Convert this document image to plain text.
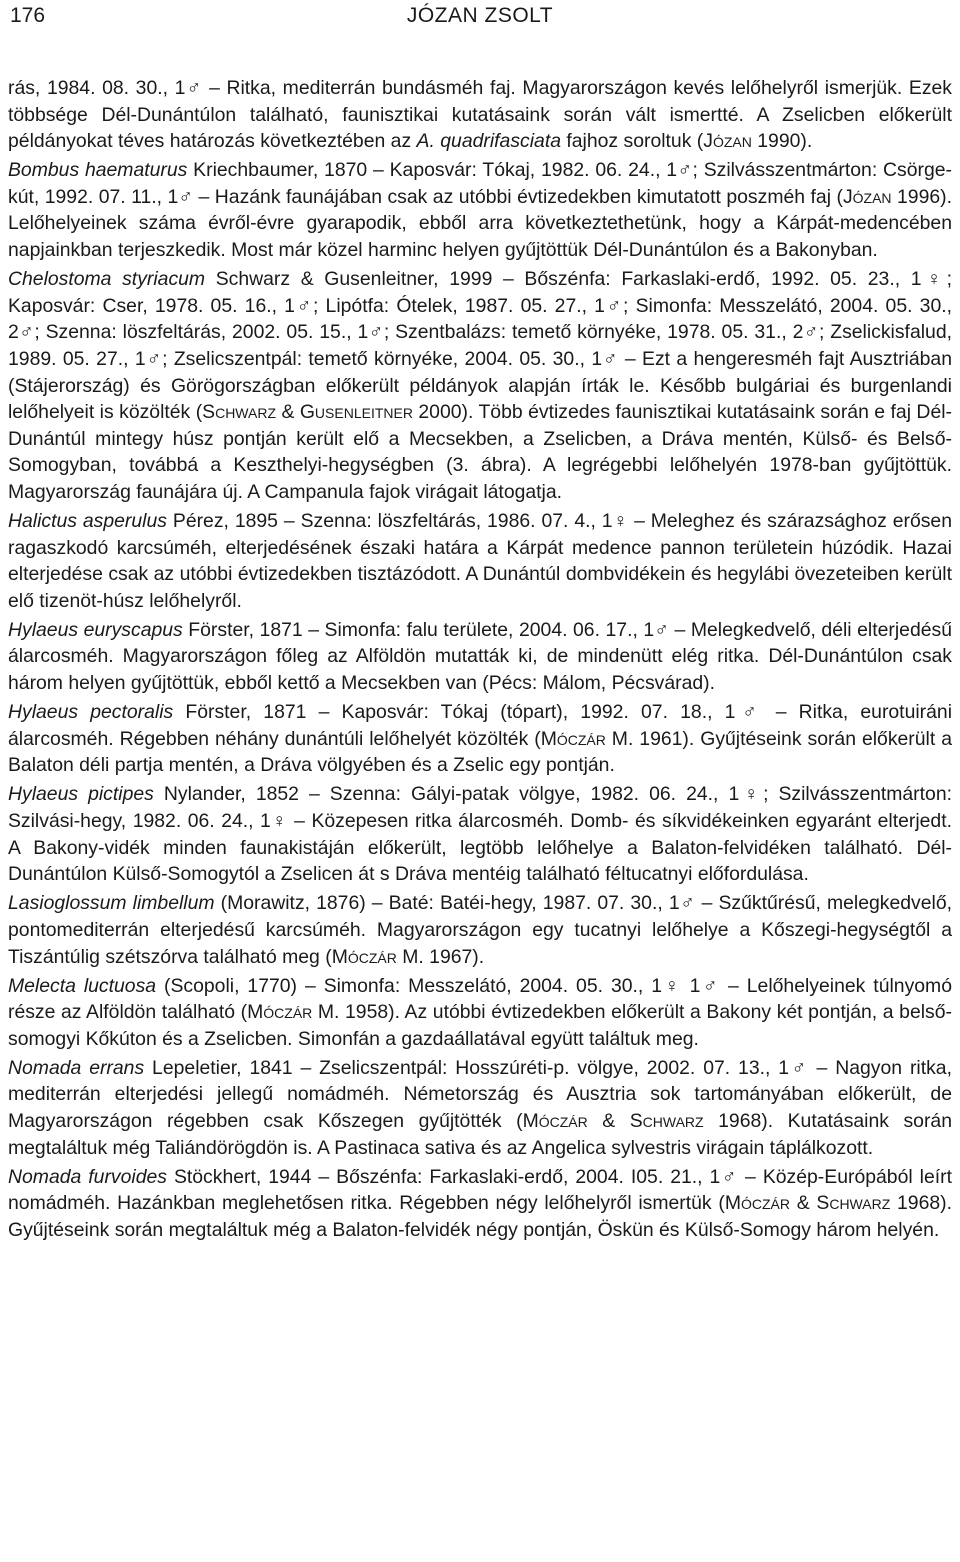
176	JÓZAN ZSOLT

rás, 1984. 08. 30., 1♂ – Ritka, mediterrán bundásméh faj. Magyarországon kevés lelőhelyről ismerjük. Ezek többsége Dél-Dunántúlon található, faunisztikai kutatásaink során vált ismertté. A Zselicben előkerült példányokat téves határozás következtében az A. quadrifasciata fajhoz soroltuk (Józan 1990).

Bombus haematurus Kriechbaumer, 1870 – Kaposvár: Tókaj, 1982. 06. 24., 1♂; Szilvásszentmárton: Csörge-kút, 1992. 07. 11., 1♂ – Hazánk faunájában csak az utóbbi évtizedekben kimutatott poszméh faj (Józan 1996). Lelőhelyeinek száma évről-évre gyarapodik, ebből arra következtethetünk, hogy a Kárpát-medencében napjainkban terjeszkedik. Most már közel harminc helyen gyűjtöttük Dél-Dunántúlon és a Bakonyban.

Chelostoma styriacum Schwarz & Gusenleitner, 1999 – Bőszénfa: Farkaslaki-erdő, 1992. 05. 23., 1♀; Kaposvár: Cser, 1978. 05. 16., 1♂; Lipótfa: Ótelek, 1987. 05. 27., 1♂; Simonfa: Messzelátó, 2004. 05. 30., 2♂; Szenna: löszfeltárás, 2002. 05. 15., 1♂; Szentbalázs: temető környéke, 1978. 05. 31., 2♂; Zselickisfalud, 1989. 05. 27., 1♂; Zselicszentpál: temető környéke, 2004. 05. 30., 1♂ – Ezt a hengeresméh fajt Ausztriában (Stájerország) és Görögországban előkerült példányok alapján írták le. Később bulgáriai és burgenlandi lelőhelyeit is közölték (Schwarz & Gusenleitner 2000). Több évtizedes faunisztikai kutatásaink során e faj Dél-Dunántúl mintegy húsz pontján került elő a Mecsekben, a Zselicben, a Dráva mentén, Külső- és Belső-Somogyban, továbbá a Keszthelyi-hegységben (3. ábra). A legrégebbi lelőhelyén 1978-ban gyűjtöttük. Magyarország faunájára új. A Campanula fajok virágait látogatja.

Halictus asperulus Pérez, 1895 – Szenna: löszfeltárás, 1986. 07. 4., 1♀ – Meleghez és szárazsághoz erősen ragaszkodó karcsúméh, elterjedésének északi határa a Kárpát medence pannon területein húzódik. Hazai elterjedése csak az utóbbi évtizedekben tisztázódott. A Dunántúl dombvidékein és hegylábi övezeteiben került elő tizenöt-húsz lelőhelyről.

Hylaeus euryscapus Förster, 1871 – Simonfa: falu területe, 2004. 06. 17., 1♂ – Melegkedvelő, déli elterjedésű álarcosméh. Magyarországon főleg az Alföldön mutatták ki, de mindenütt elég ritka. Dél-Dunántúlon csak három helyen gyűjtöttük, ebből kettő a Mecsekben van (Pécs: Málom, Pécsvárad).

Hylaeus pectoralis Förster, 1871 – Kaposvár: Tókaj (tópart), 1992. 07. 18., 1♂ – Ritka, eurotuiráni álarcosméh. Régebben néhány dunántúli lelőhelyét közölték (Móczár M. 1961). Gyűjtéseink során előkerült a Balaton déli partja mentén, a Dráva völgyében és a Zselic egy pontján.

Hylaeus pictipes Nylander, 1852 – Szenna: Gályi-patak völgye, 1982. 06. 24., 1♀; Szilvásszentmárton: Szilvási-hegy, 1982. 06. 24., 1♀ – Közepesen ritka álarcosméh. Domb- és síkvidékeinken egyaránt elterjedt. A Bakony-vidék minden faunakistáján előkerült, legtöbb lelőhelye a Balaton-felvidéken található. Dél-Dunántúlon Külső-Somogytól a Zselicen át s Dráva mentéig található féltucatnyi előfordulása.

Lasioglossum limbellum (Morawitz, 1876) – Baté: Batéi-hegy, 1987. 07. 30., 1♂ – Szűktűrésű, melegkedvelő, pontomediterrán elterjedésű karcsúméh. Magyarországon egy tucatnyi lelőhelye a Kőszegi-hegységtől a Tiszántúlig szétszórva található meg (Móczár M. 1967).

Melecta luctuosa (Scopoli, 1770) – Simonfa: Messzelátó, 2004. 05. 30., 1♀ 1♂ – Lelőhelyeinek túlnyomó része az Alföldön található (Móczár M. 1958). Az utóbbi évtizedekben előkerült a Bakony két pontján, a belső-somogyi Kőkúton és a Zselicben. Simonfán a gazdaállatával együtt találtuk meg.

Nomada errans Lepeletier, 1841 – Zselicszentpál: Hosszúréti-p. völgye, 2002. 07. 13., 1♂ – Nagyon ritka, mediterrán elterjedési jellegű nomádméh. Németország és Ausztria sok tartományában előkerült, de Magyarországon régebben csak Kőszegen gyűjtötték (Móczár & Schwarz 1968). Kutatásaink során megtaláltuk még Taliándörögdön is. A Pastinaca sativa és az Angelica sylvestris virágain táplálkozott.

Nomada furvoides Stöckhert, 1944 – Bőszénfa: Farkaslaki-erdő, 2004. I05. 21., 1♂ – Közép-Európából leírt nomádméh. Hazánkban meglehetősen ritka. Régebben négy lelőhelyről ismertük (Móczár & Schwarz 1968). Gyűjtéseink során megtaláltuk még a Balaton-felvidék négy pontján, Öskün és Külső-Somogy három helyén.
